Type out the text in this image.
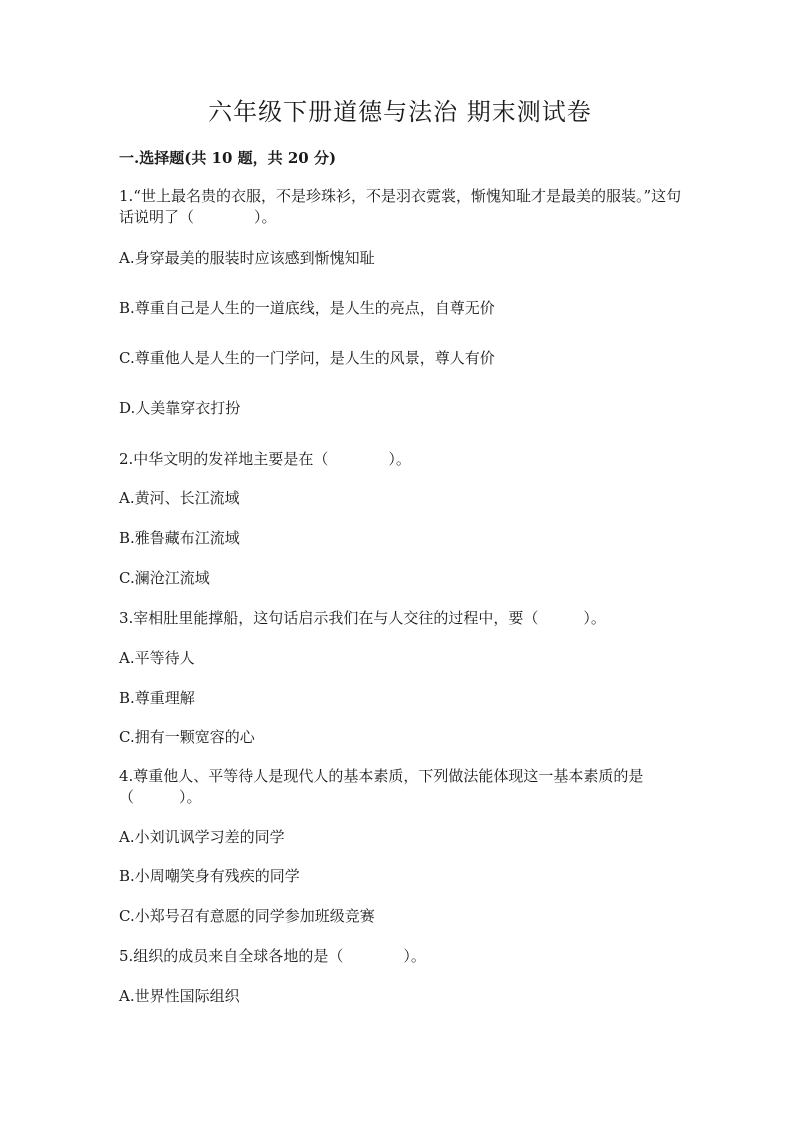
六年级下册道德与法治 期末测试卷
一.选择题(共 10 题，共 20 分)
1.“世上最名贵的衣服，不是珍珠衫，不是羽衣霓裳，惭愧知耻才是最美的服装。”这句话说明了（　　　　）。
A.身穿最美的服装时应该感到惭愧知耻
B.尊重自己是人生的一道底线，是人生的亮点，自尊无价
C.尊重他人是人生的一门学问，是人生的风景，尊人有价
D.人美靠穿衣打扮
2.中华文明的发祥地主要是在（　　　　）。
A.黄河、长江流域
B.雅鲁藏布江流域
C.澜沧江流域
3.宰相肚里能撑船，这句话启示我们在与人交往的过程中，要（　　　）。
A.平等待人
B.尊重理解
C.拥有一颗宽容的心
4.尊重他人、平等待人是现代人的基本素质，下列做法能体现这一基本素质的是（　　　）。
A.小刘讥讽学习差的同学
B.小周嘲笑身有残疾的同学
C.小郑号召有意愿的同学参加班级竞赛
5.组织的成员来自全球各地的是（　　　　）。
A.世界性国际组织
